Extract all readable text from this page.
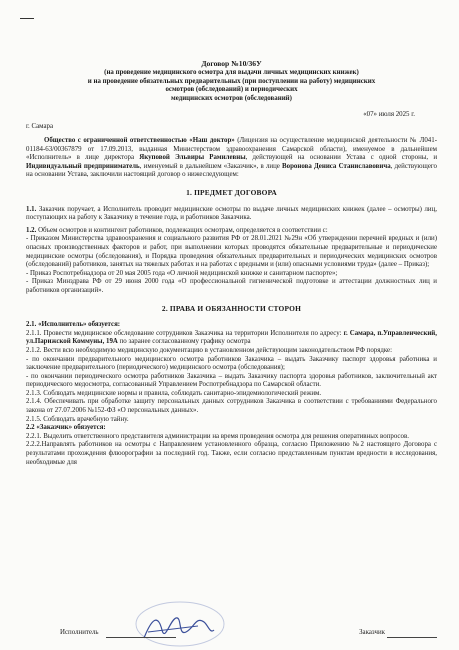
Договор №10/36У
(на проведение медицинского осмотра для выдачи личных медицинских книжек)
и на проведение обязательных предварительных (при поступлении на работу) медицинских
осмотров (обследований) и периодических
медицинских осмотров (обследований)
«07» июля 2025 г.
г. Самара

Общество с ограниченной ответственностью «Наш доктор» (Лицензия на осуществление медицинской деятельности № Л041-01184-63/00367879 от 17.09.2013, выданная Министерством здравоохранения Самарской области), именуемое в дальнейшем «Исполнитель» в лице директора Якуповой Эльвиры Рамилевны, действующей на основании Устава с одной стороны, и Индивидуальный предприниматель, именуемый в дальнейшем «Заказчик», в лице Воронова Дениса Станиславовича, действующего на основании Устава, заключили настоящий договор о нижеследующем:

1. ПРЕДМЕТ ДОГОВОРА

1.1. Заказчик поручает, а Исполнитель проводит медицинские осмотры по выдаче личных медицинских книжек (далее – осмотры) лиц, поступающих на работу к Заказчику в течение года, и работников Заказчика.

1.2. Объем осмотров и контингент работников, подлежащих осмотрам, определяется в соответствии с:

- Приказом Министерства здравоохранения и социального развития РФ от 28.01.2021 №29н «Об утверждении перечней вредных и (или) опасных производственных факторов и работ, при выполнении которых проводятся обязательные предварительные и периодические медицинские осмотры (обследования), и Порядка проведения обязательных предварительных и периодических медицинских осмотров (обследований) работников, занятых на тяжелых работах и на работах с вредными и (или) опасными условиями труда» (далее – Приказ);

- Приказ Роспотребнадзора от 20 мая 2005 года «О личной медицинской книжке и санитарном паспорте»;

- Приказ Минздрава РФ от 29 июня 2000 года «О профессиональной гигиенической подготовке и аттестации должностных лиц и работников организаций».

2. ПРАВА И ОБЯЗАННОСТИ СТОРОН

2.1. «Исполнитель» обязуется:

2.1.1. Провести медицинское обследование сотрудников Заказчика на территории Исполнителя по адресу: г. Самара, п.Управленческий, ул.Парижской Коммуны, 19А по заранее согласованному графику осмотра

2.1.2. Вести всю необходимую медицинскую документацию в установленном действующим законодательством РФ порядке:

- по окончании предварительного медицинского осмотра работников Заказчика – выдать Заказчику паспорт здоровья работника и заключение предварительного (периодического) медицинского осмотра (обследования);

- по окончании периодического осмотра работников Заказчика – выдать Заказчику паспорта здоровья работников, заключительный акт периодического медосмотра, согласованный Управлением Роспотребнадзора по Самарской области.

2.1.3. Соблюдать медицинские нормы и правила, соблюдать санитарно-эпидемиологический режим.

2.1.4. Обеспечивать при обработке защиту персональных данных сотрудников Заказчика в соответствии с требованиями Федерального закона от 27.07.2006 №152-ФЗ «О персональных данных».

2.1.5. Соблюдать врачебную тайну.

2.2 «Заказчик» обязуется:

2.2.1. Выделить ответственного представителя администрации на время проведения осмотра для решения оперативных вопросов.

2.2.2.Направлять работников на осмотры с Направлением установленного образца, согласно Приложению №2 настоящего Договора с результатами прохождения флюорографии за последний год. Также, если согласно представленным пунктам вредности в исследования, необходимые для

Исполнитель	Заказчик
